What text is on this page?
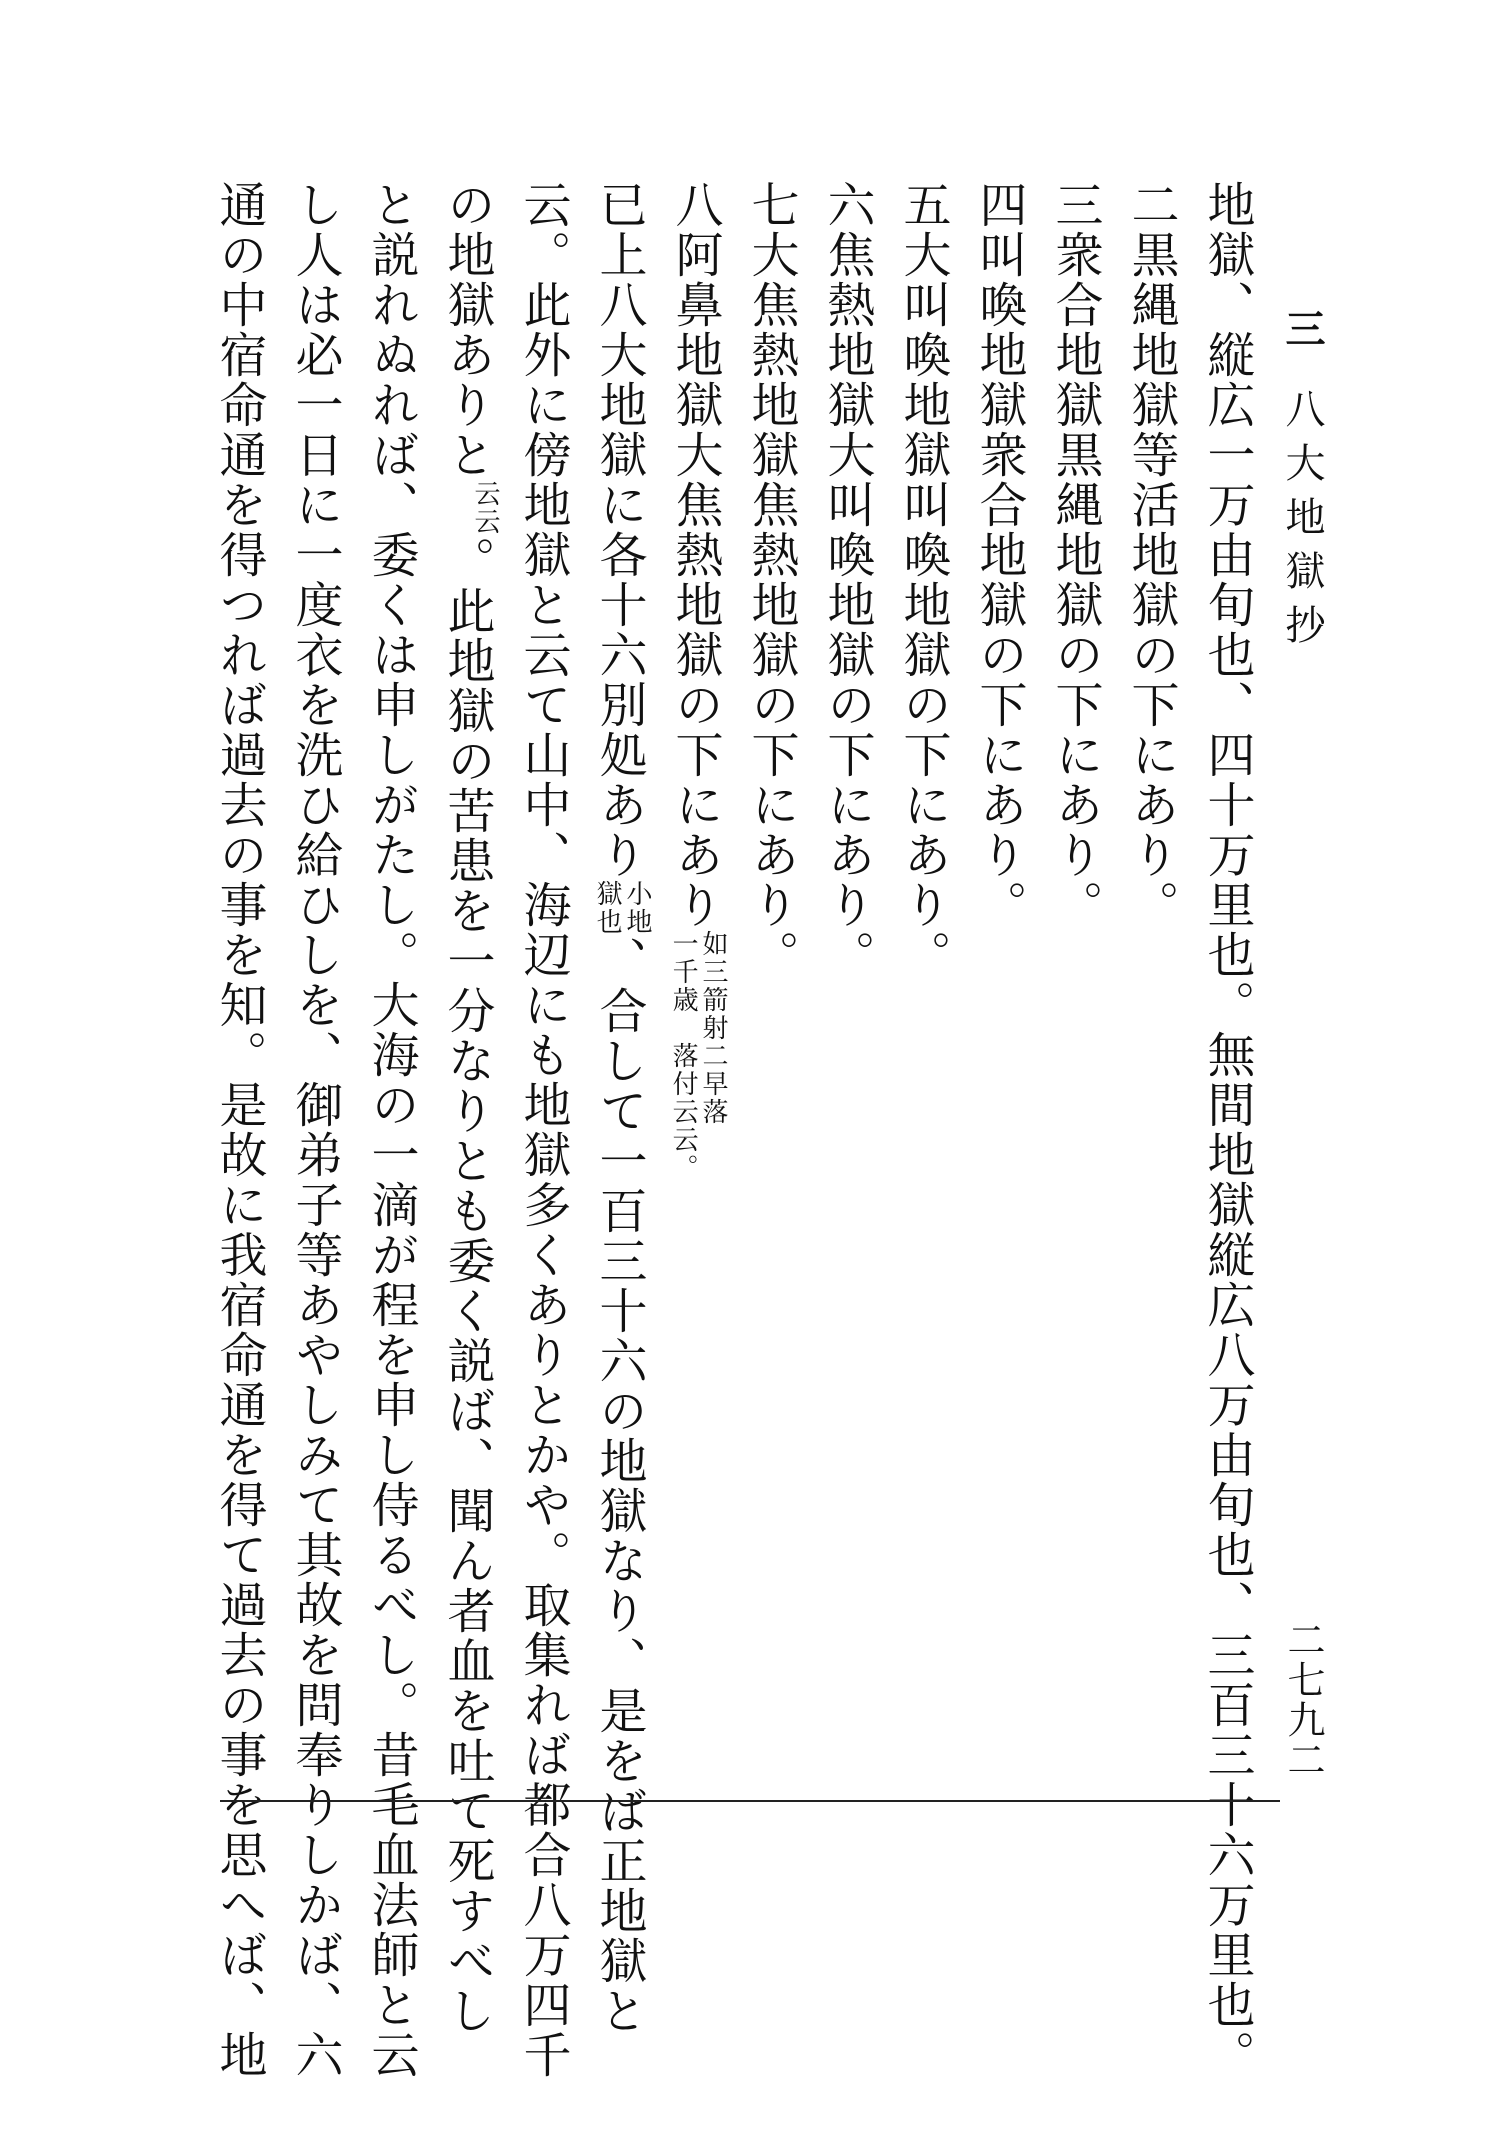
三八大地獄抄
二七九二
地獄、縦広一万由旬也、四十万里也。無間地獄縦広八万由旬也、三百三十六万里也。
二黒縄地獄等活地獄の下にあり。
三衆合地獄黒縄地獄の下にあり。
四叫喚地獄衆合地獄の下にあり。
五大叫喚地獄叫喚地獄の下にあり。
六焦熱地獄大叫喚地獄の下にあり。
七大焦熱地獄焦熱地獄の下にあり。
八阿鼻地獄大焦熱地獄の下にあり
如三箭射二早落
一千歳　落付云云。
已上八大地獄に各十六別処あり
小地
獄也
、合して一百三十六の地獄なり、是をば正地獄と
云。此外に傍地獄と云て山中、海辺にも地獄多くありとかや。取集れば都合八万四千
の地獄ありと云云。此地獄の苦患を一分なりとも委く説ば、聞ん者血を吐て死すべし
と説れぬれば、委くは申しがたし。大海の一滴が程を申し侍るべし。昔毛血法師と云
し人は必一日に一度衣を洗ひ給ひしを、御弟子等あやしみて其故を問奉りしかば、六
通の中宿命通を得つれば過去の事を知。是故に我宿命通を得て過去の事を思へば、地
